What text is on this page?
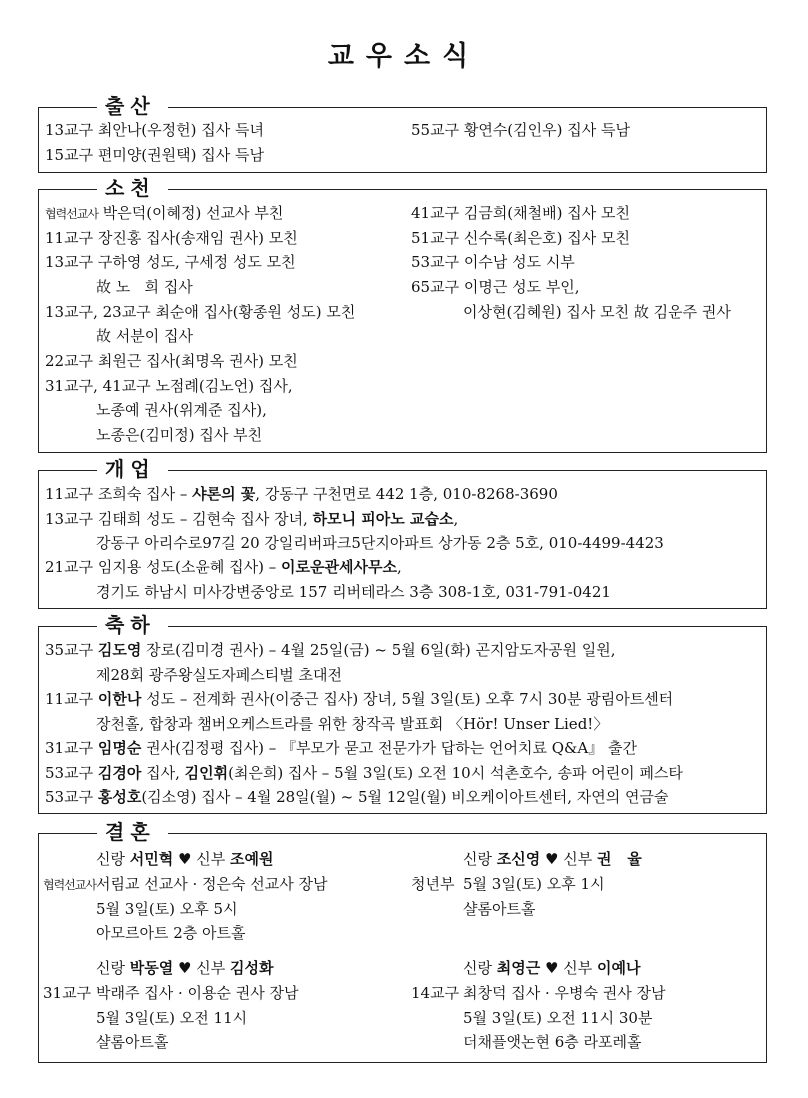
교우소식
출산
13교구 최안나(우정헌) 집사 득녀
15교구 편미양(권원택) 집사 득남
55교구 황연수(김인우) 집사 득남
소천
협력선교사 박은덕(이혜정) 선교사 부친
11교구 장진홍 집사(송재임 권사) 모친
13교구 구하영 성도, 구세정 성도 모친
故 노   희 집사
13교구, 23교구 최순애 집사(황종원 성도) 모친
故 서분이 집사
22교구 최원근 집사(최명옥 권사) 모친
31교구, 41교구 노점례(김노언) 집사,
노종예 권사(위계준 집사),
노종은(김미정) 집사 부친
41교구 김금희(채철배) 집사 모친
51교구 신수록(최은호) 집사 모친
53교구 이수남 성도 시부
65교구 이명근 성도 부인,
이상현(김혜원) 집사 모친 故 김운주 권사
개업
11교구 조희숙 집사 – 샤론의 꽃, 강동구 구천면로 442 1층, 010-8268-3690
13교구 김태희 성도 – 김현숙 집사 장녀, 하모니 피아노 교습소,
강동구 아리수로97길 20 강일리버파크5단지아파트 상가동 2층 5호, 010-4499-4423
21교구 임지용 성도(소윤혜 집사) – 이로운관세사무소,
경기도 하남시 미사강변중앙로 157 리버테라스 3층 308-1호, 031-791-0421
축하
35교구 김도영 장로(김미경 권사) – 4월 25일(금) ~ 5월 6일(화) 곤지암도자공원 일원,
제28회 광주왕실도자페스티벌 초대전
11교구 이한나 성도 – 전계화 권사(이중근 집사) 장녀, 5월 3일(토) 오후 7시 30분 광림아트센터
장천홀, 합창과 챔버오케스트라를 위한 창작곡 발표회 〈Hör! Unser Lied!〉
31교구 임명순 권사(김정평 집사) – 『부모가 묻고 전문가가 답하는 언어치료 Q&A』 출간
53교구 김경아 집사, 김인휘(최은희) 집사 – 5월 3일(토) 오전 10시 석촌호수, 송파 어린이 페스타
53교구 홍성호(김소영) 집사 – 4월 28일(월) ~ 5월 12일(월) 비오케이아트센터, 자연의 연금술
결혼
신랑 서민혁 ♥ 신부 조예원
협력선교사 서림교 선교사 · 정은숙 선교사 장남
5월 3일(토) 오후 5시
아모르아트 2층 아트홀
신랑 조신영 ♥ 신부 권   율
청년부 5월 3일(토) 오후 1시
샬롬아트홀
신랑 박동열 ♥ 신부 김성화
31교구 박래주 집사 · 이용순 권사 장남
5월 3일(토) 오전 11시
샬롬아트홀
신랑 최영근 ♥ 신부 이예나
14교구 최창덕 집사 · 우병숙 권사 장남
5월 3일(토) 오전 11시 30분
더채플앳논현 6층 라포레홀
